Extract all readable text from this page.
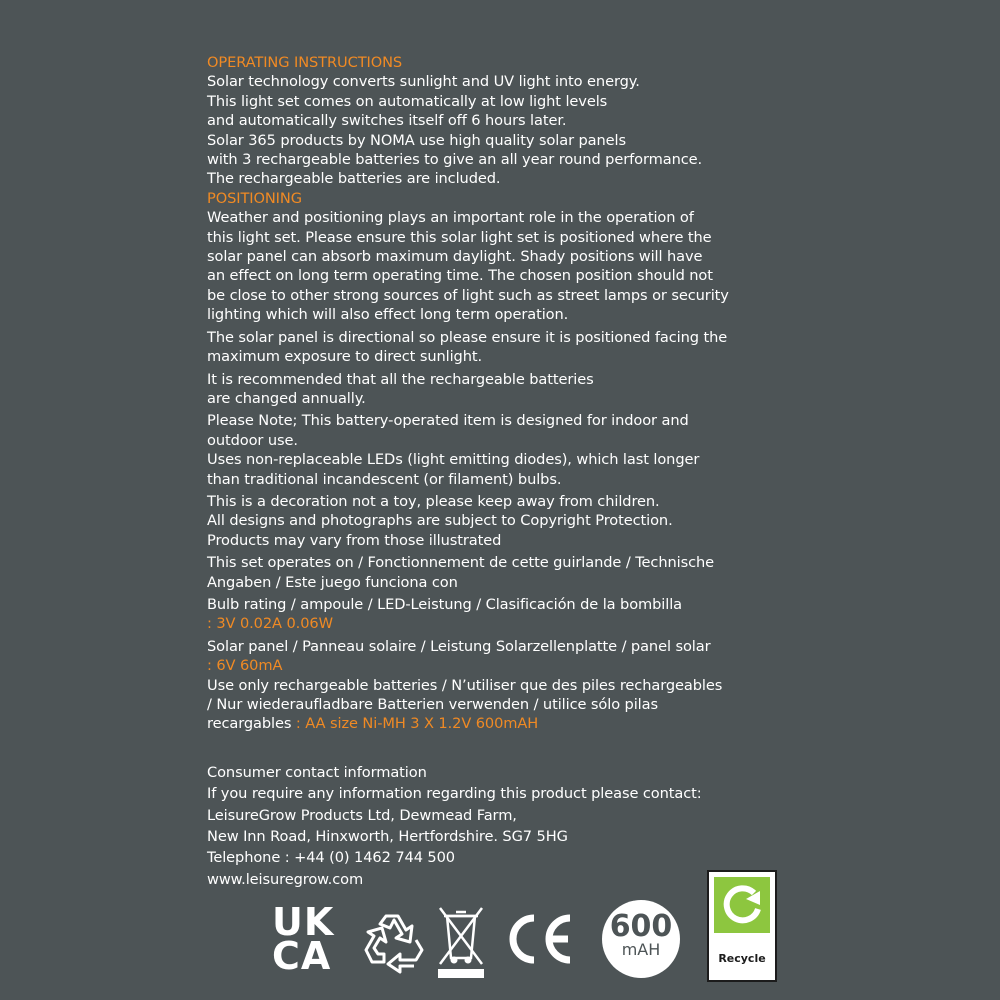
OPERATING INSTRUCTIONS
Solar technology converts sunlight and UV light into energy.
This light set comes on automatically at low light levels
and automatically switches itself off 6 hours later.
Solar 365 products by NOMA use high quality solar panels
with 3 rechargeable batteries to give an all year round performance.
The rechargeable batteries are included.
POSITIONING
Weather and positioning plays an important role in the operation of
this light set. Please ensure this solar light set is positioned where the
solar panel can absorb maximum daylight. Shady positions will have
an effect on long term operating time. The chosen position should not
be close to other strong sources of light such as street lamps or security
lighting which will also effect long term operation.
The solar panel is directional so please ensure it is positioned facing the
maximum exposure to direct sunlight.
It is recommended that all the rechargeable batteries
are changed annually.
Please Note; This battery-operated item is designed for indoor and
outdoor use.
Uses non-replaceable LEDs (light emitting diodes), which last longer
than traditional incandescent (or filament) bulbs.
This is a decoration not a toy, please keep away from children.
All designs and photographs are subject to Copyright Protection.
Products may vary from those illustrated
This set operates on / Fonctionnement de cette guirlande / Technische
Angaben / Este juego funciona con
Bulb rating / ampoule / LED-Leistung / Clasificación de la bombilla
: 3V 0.02A 0.06W
Solar panel / Panneau solaire / Leistung Solarzellenplatte / panel solar
: 6V 60mA
Use only rechargeable batteries / N’utiliser que des piles rechargeables
/ Nur wiederaufladbare Batterien verwenden / utilice sólo pilas
recargables : AA size Ni-MH 3 X 1.2V 600mAH
Consumer contact information
If you require any information regarding this product please contact:
LeisureGrow Products Ltd, Dewmead Farm,
New Inn Road, Hinxworth, Hertfordshire. SG7 5HG
Telephone : +44 (0) 1462 744 500
www.leisuregrow.com
UK
CA
600
mAH	Recycle
